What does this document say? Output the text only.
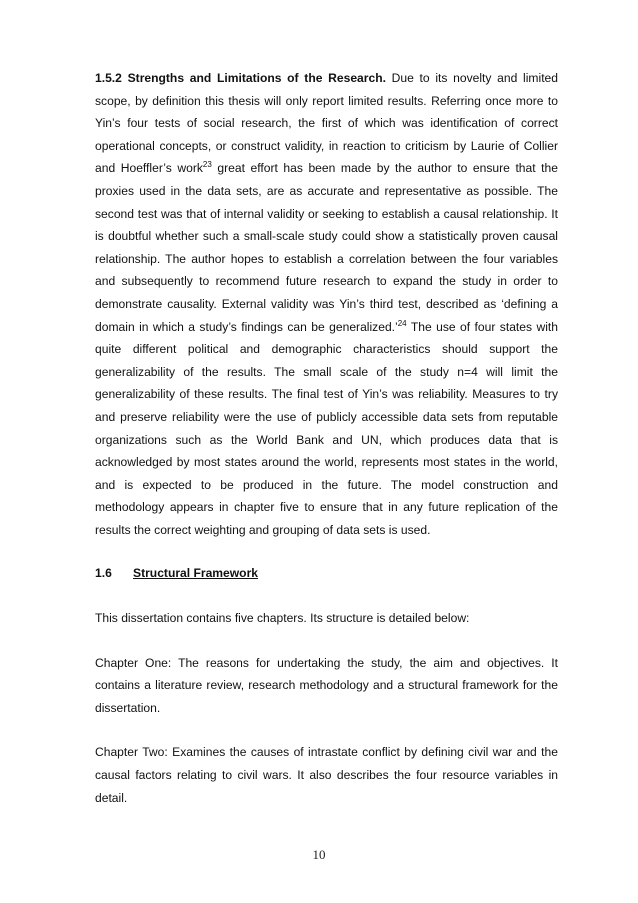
1.5.2 Strengths and Limitations of the Research. Due to its novelty and limited scope, by definition this thesis will only report limited results. Referring once more to Yin’s four tests of social research, the first of which was identification of correct operational concepts, or construct validity, in reaction to criticism by Laurie of Collier and Hoeffler’s work$^{23}$ great effort has been made by the author to ensure that the proxies used in the data sets, are as accurate and representative as possible. The second test was that of internal validity or seeking to establish a causal relationship. It is doubtful whether such a small-scale study could show a statistically proven causal relationship. The author hopes to establish a correlation between the four variables and subsequently to recommend future research to expand the study in order to demonstrate causality. External validity was Yin’s third test, described as ‘defining a domain in which a study’s findings can be generalized.’$^{24}$ The use of four states with quite different political and demographic characteristics should support the generalizability of the results. The small scale of the study n=4 will limit the generalizability of these results. The final test of Yin’s was reliability. Measures to try and preserve reliability were the use of publicly accessible data sets from reputable organizations such as the World Bank and UN, which produces data that is acknowledged by most states around the world, represents most states in the world, and is expected to be produced in the future. The model construction and methodology appears in chapter five to ensure that in any future replication of the results the correct weighting and grouping of data sets is used.

1.6	Structural Framework

This dissertation contains five chapters. Its structure is detailed below:

Chapter One: The reasons for undertaking the study, the aim and objectives. It contains a literature review, research methodology and a structural framework for the dissertation.

Chapter Two: Examines the causes of intrastate conflict by defining civil war and the causal factors relating to civil wars. It also describes the four resource variables in detail.

10
